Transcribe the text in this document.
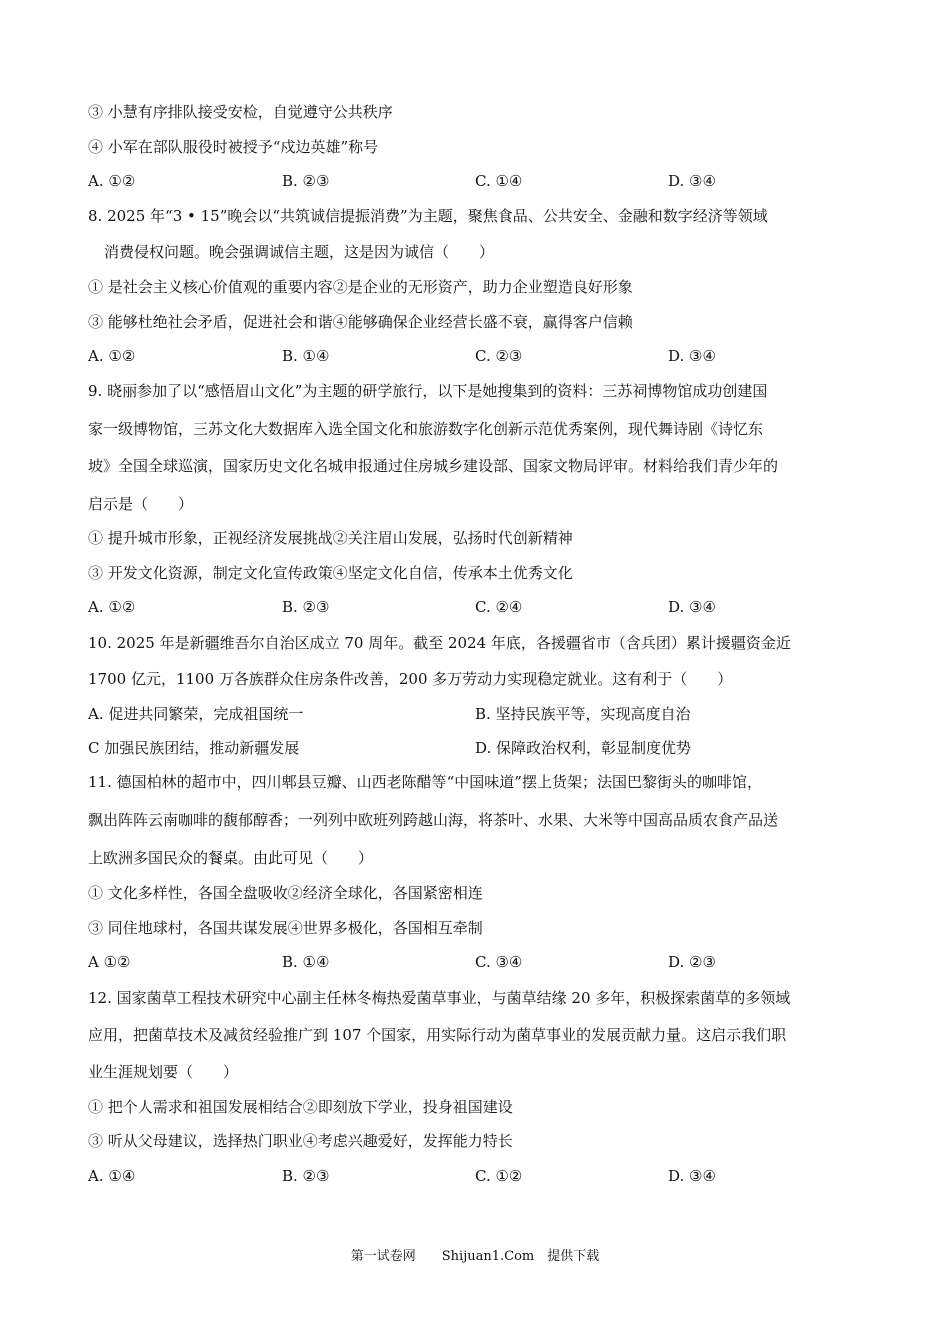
③ 小慧有序排队接受安检，自觉遵守公共秩序
④ 小军在部队服役时被授予“戍边英雄”称号
A. ①②	B. ②③	C. ①④	D. ③④
8. 2025 年“3 • 15”晚会以“共筑诚信提振消费”为主题，聚焦食品、公共安全、金融和数字经济等领域
消费侵权问题。晚会强调诚信主题，这是因为诚信（　　）
① 是社会主义核心价值观的重要内容②是企业的无形资产，助力企业塑造良好形象
③ 能够杜绝社会矛盾，促进社会和谐④能够确保企业经营长盛不衰，赢得客户信赖
A. ①②	B. ①④	C. ②③	D. ③④
9. 晓丽参加了以“感悟眉山文化”为主题的研学旅行，以下是她搜集到的资料：三苏祠博物馆成功创建国
家一级博物馆，三苏文化大数据库入选全国文化和旅游数字化创新示范优秀案例，现代舞诗剧《诗忆东
坡》全国全球巡演，国家历史文化名城申报通过住房城乡建设部、国家文物局评审。材料给我们青少年的
启示是（　　）
① 提升城市形象，正视经济发展挑战②关注眉山发展，弘扬时代创新精神
③ 开发文化资源，制定文化宣传政策④坚定文化自信，传承本土优秀文化
A. ①②	B. ②③	C. ②④	D. ③④
10. 2025 年是新疆维吾尔自治区成立 70 周年。截至 2024 年底，各援疆省市（含兵团）累计援疆资金近
1700 亿元，1100 万各族群众住房条件改善，200 多万劳动力实现稳定就业。这有利于（　　）
A. 促进共同繁荣，完成祖国统一	B. 坚持民族平等，实现高度自治
C 加强民族团结，推动新疆发展	D. 保障政治权利，彰显制度优势
11. 德国柏林的超市中，四川郫县豆瓣、山西老陈醋等“中国味道”摆上货架；法国巴黎街头的咖啡馆，
飘出阵阵云南咖啡的馥郁醇香；一列列中欧班列跨越山海，将茶叶、水果、大米等中国高品质农食产品送
上欧洲多国民众的餐桌。由此可见（　　）
① 文化多样性，各国全盘吸收②经济全球化，各国紧密相连
③ 同住地球村，各国共谋发展④世界多极化，各国相互牵制
A ①②	B. ①④	C. ③④	D. ②③
12. 国家菌草工程技术研究中心副主任林冬梅热爱菌草事业，与菌草结缘 20 多年，积极探索菌草的多领域
应用，把菌草技术及减贫经验推广到 107 个国家，用实际行动为菌草事业的发展贡献力量。这启示我们职
业生涯规划要（　　）
① 把个人需求和祖国发展相结合②即刻放下学业，投身祖国建设
③ 听从父母建议，选择热门职业④考虑兴趣爱好，发挥能力特长
A. ①④	B. ②③	C. ①②	D. ③④
第一试卷网　　Shijuan1.Com　提供下载
